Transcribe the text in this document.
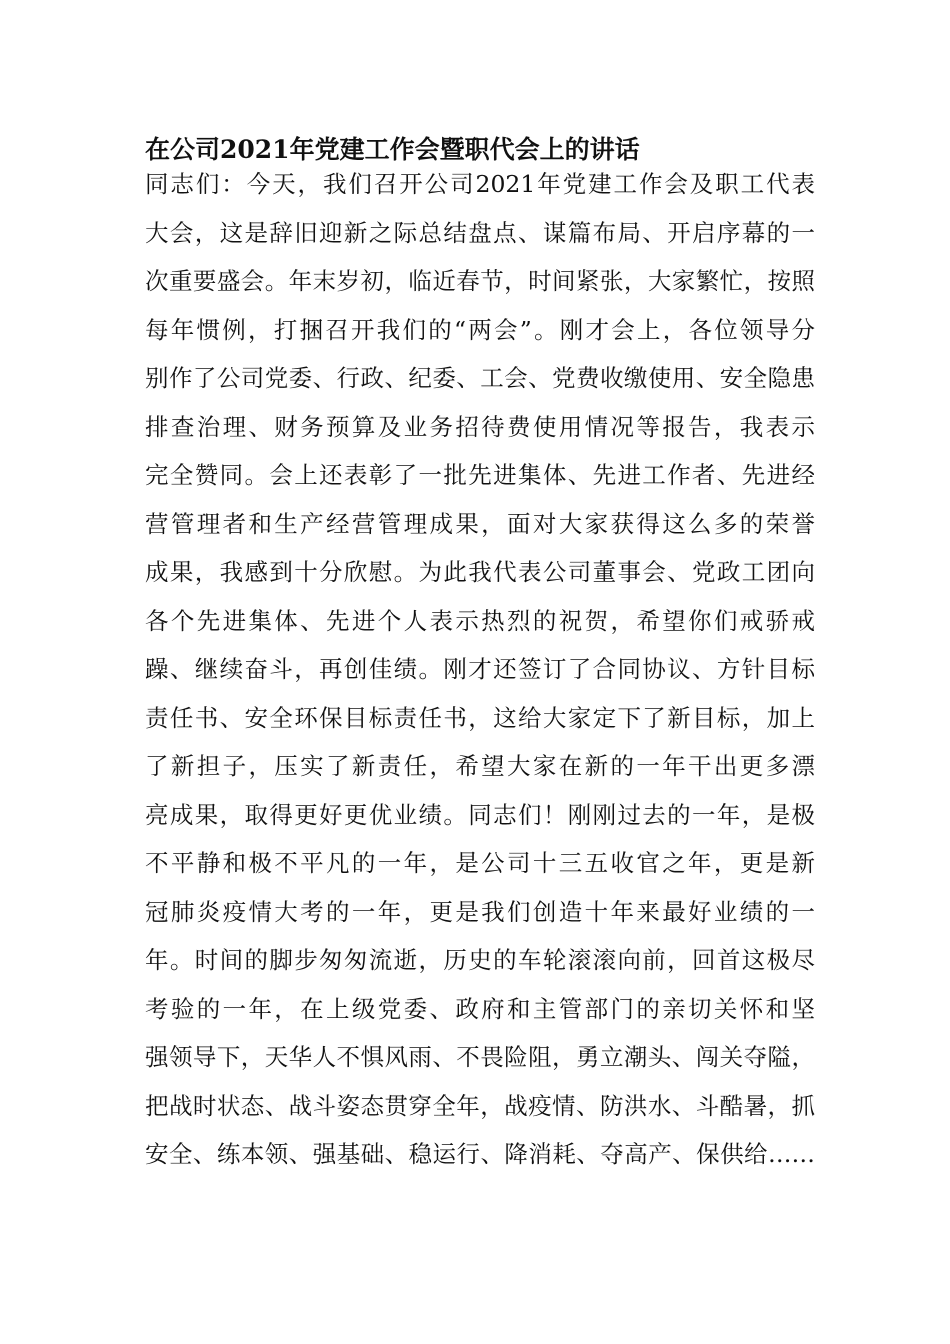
在公司2021年党建工作会暨职代会上的讲话
同志们：今天，我们召开公司2021年党建工作会及职工代表
大会，这是辞旧迎新之际总结盘点、谋篇布局、开启序幕的一
次重要盛会。年末岁初，临近春节，时间紧张，大家繁忙，按照
每年惯例，打捆召开我们的“两会”。刚才会上，各位领导分
别作了公司党委、行政、纪委、工会、党费收缴使用、安全隐患
排查治理、财务预算及业务招待费使用情况等报告，我表示
完全赞同。会上还表彰了一批先进集体、先进工作者、先进经
营管理者和生产经营管理成果，面对大家获得这么多的荣誉
成果，我感到十分欣慰。为此我代表公司董事会、党政工团向
各个先进集体、先进个人表示热烈的祝贺，希望你们戒骄戒
躁、继续奋斗，再创佳绩。刚才还签订了合同协议、方针目标
责任书、安全环保目标责任书，这给大家定下了新目标，加上
了新担子，压实了新责任，希望大家在新的一年干出更多漂
亮成果，取得更好更优业绩。同志们！刚刚过去的一年，是极
不平静和极不平凡的一年，是公司十三五收官之年，更是新
冠肺炎疫情大考的一年，更是我们创造十年来最好业绩的一
年。时间的脚步匆匆流逝，历史的车轮滚滚向前，回首这极尽
考验的一年，在上级党委、政府和主管部门的亲切关怀和坚
强领导下，天华人不惧风雨、不畏险阻，勇立潮头、闯关夺隘，
把战时状态、战斗姿态贯穿全年，战疫情、防洪水、斗酷暑，抓
安全、练本领、强基础、稳运行、降消耗、夺高产、保供给……
